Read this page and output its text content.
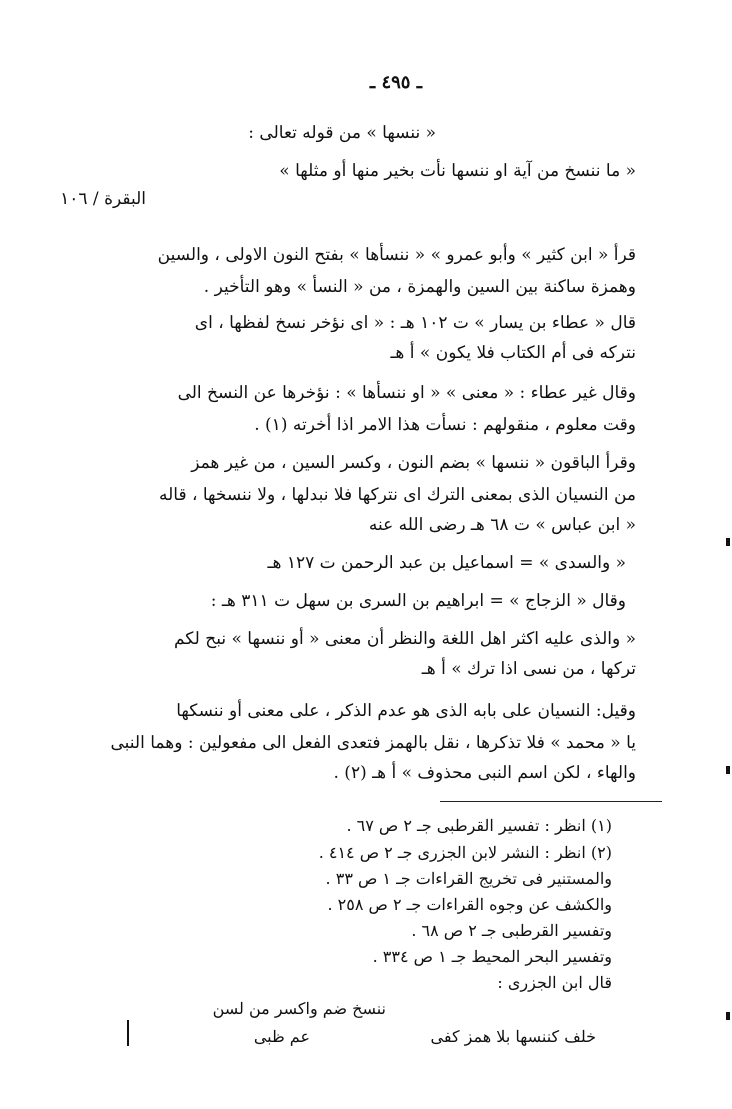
ـ ٤٩٥ ـ
« ننسها » من قوله تعالى :
« ما ننسخ من آية او ننسها نأت بخير منها أو مثلها »
البقرة / ١٠٦
قرأ « ابن كثير » وأبو عمرو » « ننسأها » بفتح النون الاولى ، والسين
وهمزة ساكنة بين السين والهمزة ، من « النسأ » وهو التأخير .
قال « عطاء بن يسار » ت ١٠٢ هـ : « اى نؤخر نسخ لفظها ، اى
نتركه فى أم الكتاب فلا يكون » أ هـ
وقال غير عطاء : « معنى » « او ننسأها » : نؤخرها عن النسخ الى
وقت معلوم ، منقولهم : نسأت هذا الامر اذا أخرته (١) .
وقرأ الباقون « ننسها » بضم النون ، وكسر السين ، من غير همز
من النسيان الذى بمعنى الترك اى نتركها فلا نبدلها ، ولا ننسخها ، قاله
« ابن عباس » ت ٦٨ هـ رضى الله عنه
« والسدى » = اسماعيل بن عبد الرحمن ت ١٢٧ هـ
وقال « الزجاج » = ابراهيم بن السرى بن سهل ت ٣١١ هـ :
« والذى عليه اكثر اهل اللغة والنظر أن معنى « أو ننسها » نبح لكم
تركها ، من نسى اذا ترك » أ هـ
وقيل: النسيان على بابه الذى هو عدم الذكر ، على معنى أو ننسكها
يا « محمد » فلا تذكرها ، نقل بالهمز فتعدى الفعل الى مفعولين : وهما النبى
والهاء ، لكن اسم النبى محذوف » أ هـ (٢) .
(١) انظر : تفسير القرطبى جـ ٢ ص ٦٧ .
(٢) انظر : النشر لابن الجزرى جـ ٢ ص ٤١٤ .
والمستنير فى تخريج القراءات جـ ١ ص ٣٣ .
والكشف عن وجوه القراءات جـ ٢ ص ٢٥٨ .
وتفسير القرطبى جـ ٢ ص ٦٨ .
وتفسير البحر المحيط جـ ١ ص ٣٣٤ .
قال ابن الجزرى :
ننسخ ضم واكسر من لسن
خلف كننسها بلا همز كفى
عم ظبى
